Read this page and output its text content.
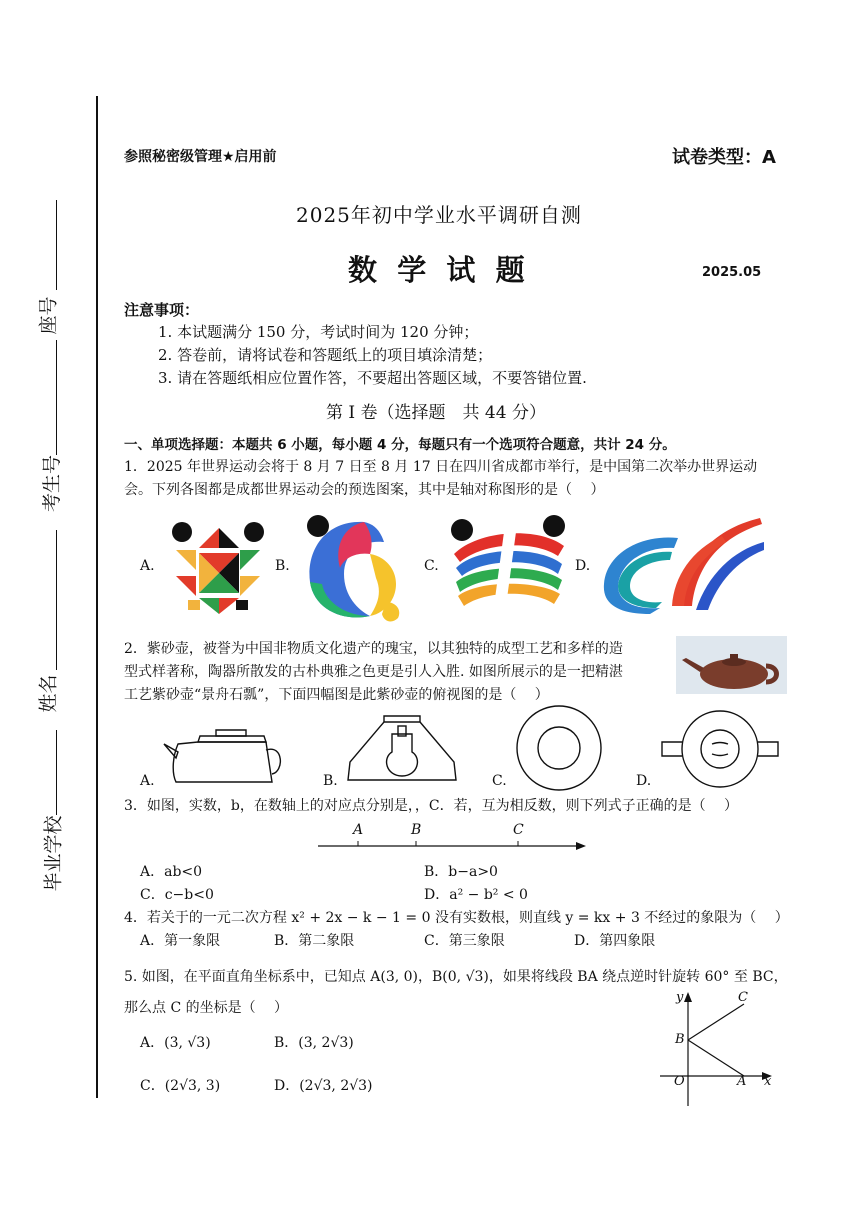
座号
考生号
姓名
毕业学校
参照秘密级管理★启用前	试卷类型：A
2025年初中学业水平调研自测
数  学  试  题	2025.05
注意事项：
1. 本试题满分 150 分，考试时间为 120 分钟；
2. 答卷前，请将试卷和答题纸上的项目填涂清楚；
3. 请在答题纸相应位置作答，不要超出答题区域，不要答错位置.
第 I 卷（选择题　共 44 分）
一、单项选择题：本题共 6 小题，每小题 4 分，每题只有一个选项符合题意，共计 24 分。
1．2025 年世界运动会将于 8 月 7 日至 8 月 17 日在四川省成都市举行，是中国第二次举办世界运动
会。下列各图都是成都世界运动会的预选图案，其中是轴对称图形的是（　 ）
A.	B.	C.	D.
2．紫砂壶，被誉为中国非物质文化遗产的瑰宝，以其独特的成型工艺和多样的造
型式样著称，陶器所散发的古朴典雅之色更是引人入胜. 如图所展示的是一把精湛
工艺紫砂壶“景舟石瓢”，下面四幅图是此紫砂壶的俯视图的是（　 ）
A.	B.	C.	D.
3．如图，实数，b，在数轴上的对应点分别是，，C．若，互为相反数，则下列式子正确的是（　 ）
A	B	C
A．ab<0	B．b−a>0
C．c−b<0	D．a² − b² < 0
4．若关于的一元二次方程 x² + 2x − k − 1 = 0 没有实数根，则直线 y = kx + 3 不经过的象限为（　 ）
A．第一象限	B．第二象限	C．第三象限	D．第四象限
5. 如图，在平面直角坐标系中，已知点 A(3, 0)，B(0, √3)，如果将线段 BA 绕点逆时针旋转 60° 至 BC，
那么点 C 的坐标是（　 ）
A．(3, √3)	B．(3, 2√3)
C．(2√3, 3)	D．(2√3, 2√3)
y	C
B
O	A x
